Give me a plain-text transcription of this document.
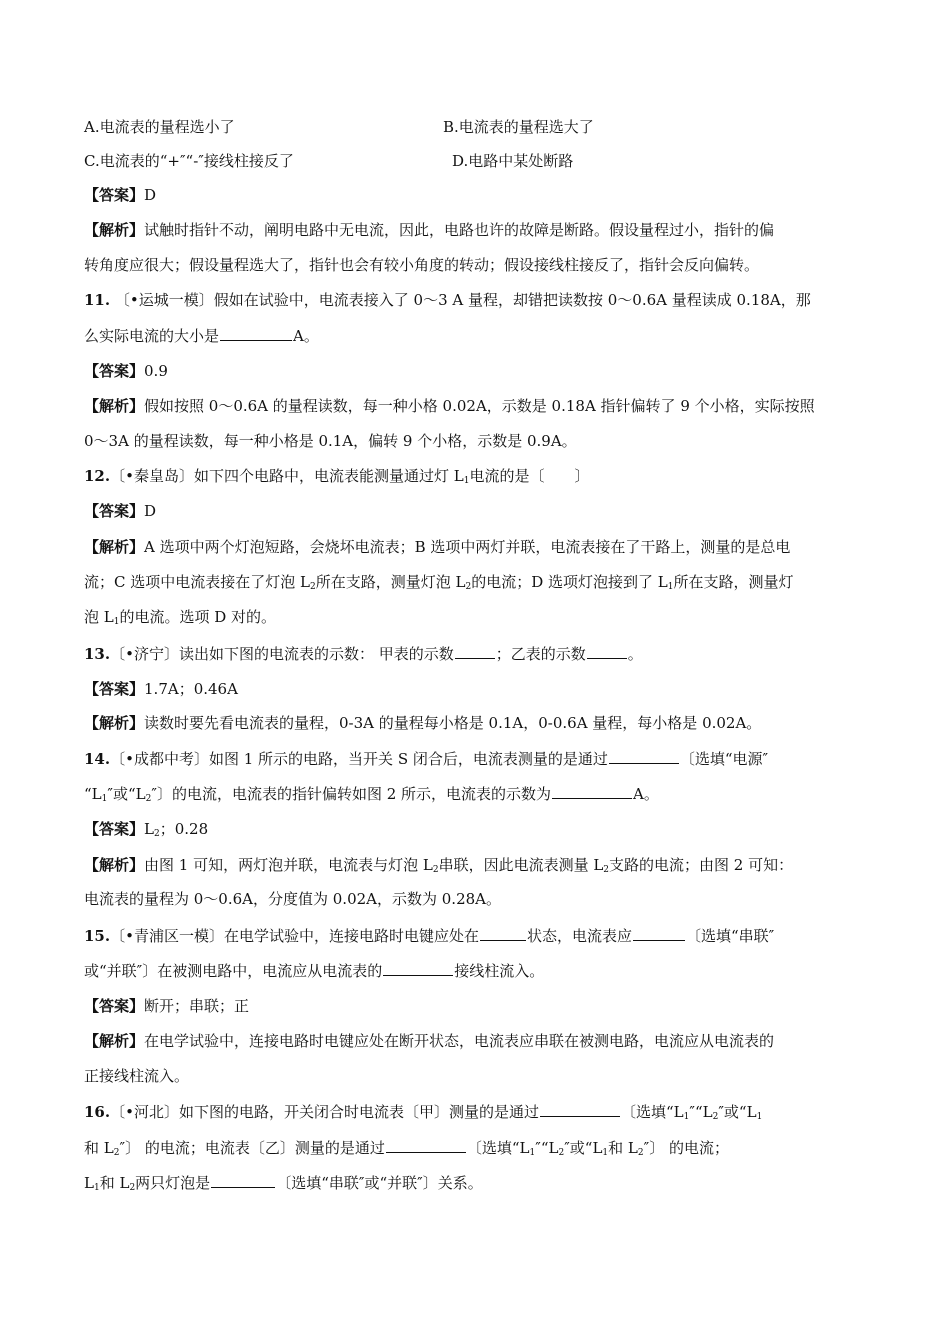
A.电流表的量程选小了	B.电流表的量程选大了
C.电流表的“+″“-″接线柱接反了	D.电路中某处断路
【答案】D
【解析】试触时指针不动，阐明电路中无电流，因此，电路也许的故障是断路。假设量程过小，指针的偏
转角度应很大；假设量程选大了，指针也会有较小角度的转动；假设接线柱接反了，指针会反向偏转。
11. 〔•运城一模〕假如在试验中，电流表接入了 0～3 A 量程，却错把读数按 0～0.6A 量程读成 0.18A，那
么实际电流的大小是	A。
【答案】0.9
【解析】假如按照 0～0.6A 的量程读数，每一种小格 0.02A，示数是 0.18A 指针偏转了 9 个小格，实际按照
0～3A 的量程读数，每一种小格是 0.1A，偏转 9 个小格，示数是 0.9A。
12.〔•秦皇岛〕如下四个电路中，电流表能测量通过灯 $L_1$电流的是〔　　〕
【答案】D
【解析】A 选项中两个灯泡短路，会烧坏电流表；B 选项中两灯并联，电流表接在了干路上，测量的是总电
流；C 选项中电流表接在了灯泡 $L_2$所在支路，测量灯泡 $L_2$的电流；D 选项灯泡接到了 $L_1$所在支路，测量灯
泡 $L_1$的电流。选项 D 对的。
13.〔•济宁〕读出如下图的电流表的示数： 甲表的示数	；乙表的示数	。
【答案】1.7A；0.46A
【解析】读数时要先看电流表的量程，0-3A 的量程每小格是 0.1A，0-0.6A 量程，每小格是 0.02A。
14.〔•成都中考〕如图 1 所示的电路，当开关 S 闭合后，电流表测量的是通过	〔选填“电源″
“$L_1''$或“$L_2''$〕的电流，电流表的指针偏转如图 2 所示，电流表的示数为	A。
【答案】$L_2$；0.28
【解析】由图 1 可知，两灯泡并联，电流表与灯泡 $L_2$串联，因此电流表测量 $L_2$支路的电流；由图 2 可知：
电流表的量程为 0～0.6A，分度值为 0.02A，示数为 0.28A。
15.〔•青浦区一模〕在电学试验中，连接电路时电键应处在	状态，电流表应	〔选填“串联″
或“并联″〕在被测电路中，电流应从电流表的	接线柱流入。
【答案】断开；串联；正
【解析】在电学试验中，连接电路时电键应处在断开状态，电流表应串联在被测电路，电流应从电流表的
正接线柱流入。
16.〔•河北〕如下图的电路，开关闭合时电流表〔甲〕测量的是通过	〔选填“$L_1''“L_2''$或“$L_1$
和 $L_2''$〕 的电流；电流表〔乙〕测量的是通过	〔选填“$L_1''“L_2''$或“$L_1$和 $L_2''$〕 的电流；
$L_1$和 $L_2$两只灯泡是	〔选填“串联″或“并联″〕关系。
